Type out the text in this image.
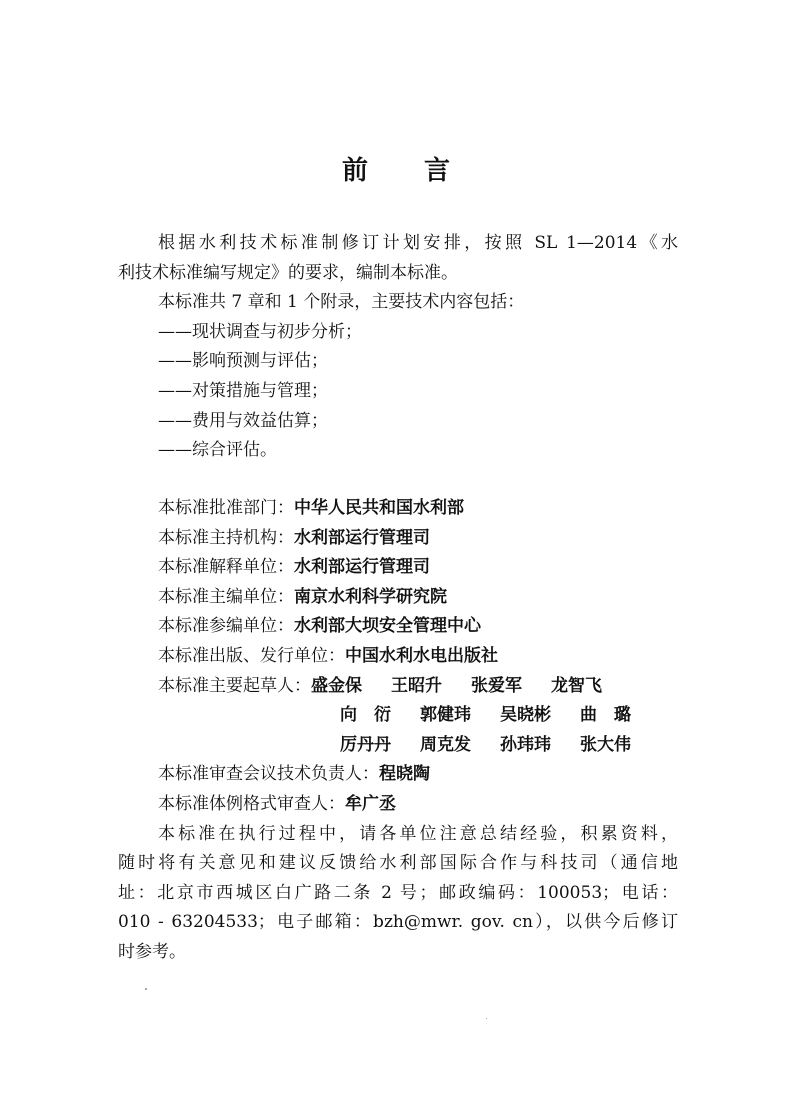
前 言
根据水利技术标准制修订计划安排，按照 SL 1—2014《水
利技术标准编写规定》的要求，编制本标准。
本标准共 7 章和 1 个附录，主要技术内容包括：
——现状调查与初步分析；
——影响预测与评估；
——对策措施与管理；
——费用与效益估算；
——综合评估。
本标准批准部门：中华人民共和国水利部
本标准主持机构：水利部运行管理司
本标准解释单位：水利部运行管理司
本标准主编单位：南京水利科学研究院
本标准参编单位：水利部大坝安全管理中心
本标准出版、发行单位：中国水利水电出版社
本标准主要起草人：盛金保 王昭升 张爱军 龙智飞
向　衍 郭健玮 吴晓彬 曲　璐
厉丹丹 周克发 孙玮玮 张大伟
本标准审查会议技术负责人：程晓陶
本标准体例格式审查人：牟广丞
本标准在执行过程中，请各单位注意总结经验，积累资料，
随时将有关意见和建议反馈给水利部国际合作与科技司（通信地
址：北京市西城区白广路二条 2 号；邮政编码：100053；电话：
010 - 63204533；电子邮箱：bzh@mwr. gov. cn），以供今后修订
时参考。
